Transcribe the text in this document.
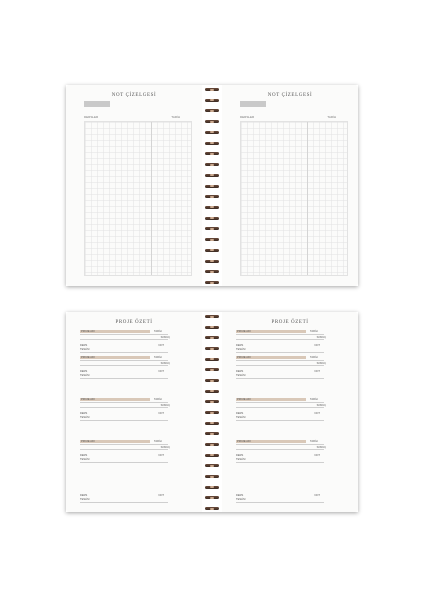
NOT ÇİZELGESİ
DERSLER	TARİH
NOT ÇİZELGESİ
DERSLER	TARİH
PROJE ÖZETİ
PROJE ADI	TARİH
SONUÇ
DERS	NOT
TESLİM
PROJE ADI	TARİH
SONUÇ
DERS	NOT
TESLİM
PROJE ADI	TARİH
SONUÇ
DERS	NOT
TESLİM
PROJE ADI	TARİH
SONUÇ
DERS	NOT
TESLİM
DERS	NOT
TESLİM
PROJE ÖZETİ
PROJE ADI	TARİH
SONUÇ
DERS	NOT
TESLİM
PROJE ADI	TARİH
SONUÇ
DERS	NOT
TESLİM
PROJE ADI	TARİH
SONUÇ
DERS	NOT
TESLİM
PROJE ADI	TARİH
SONUÇ
DERS	NOT
TESLİM
DERS	NOT
TESLİM
